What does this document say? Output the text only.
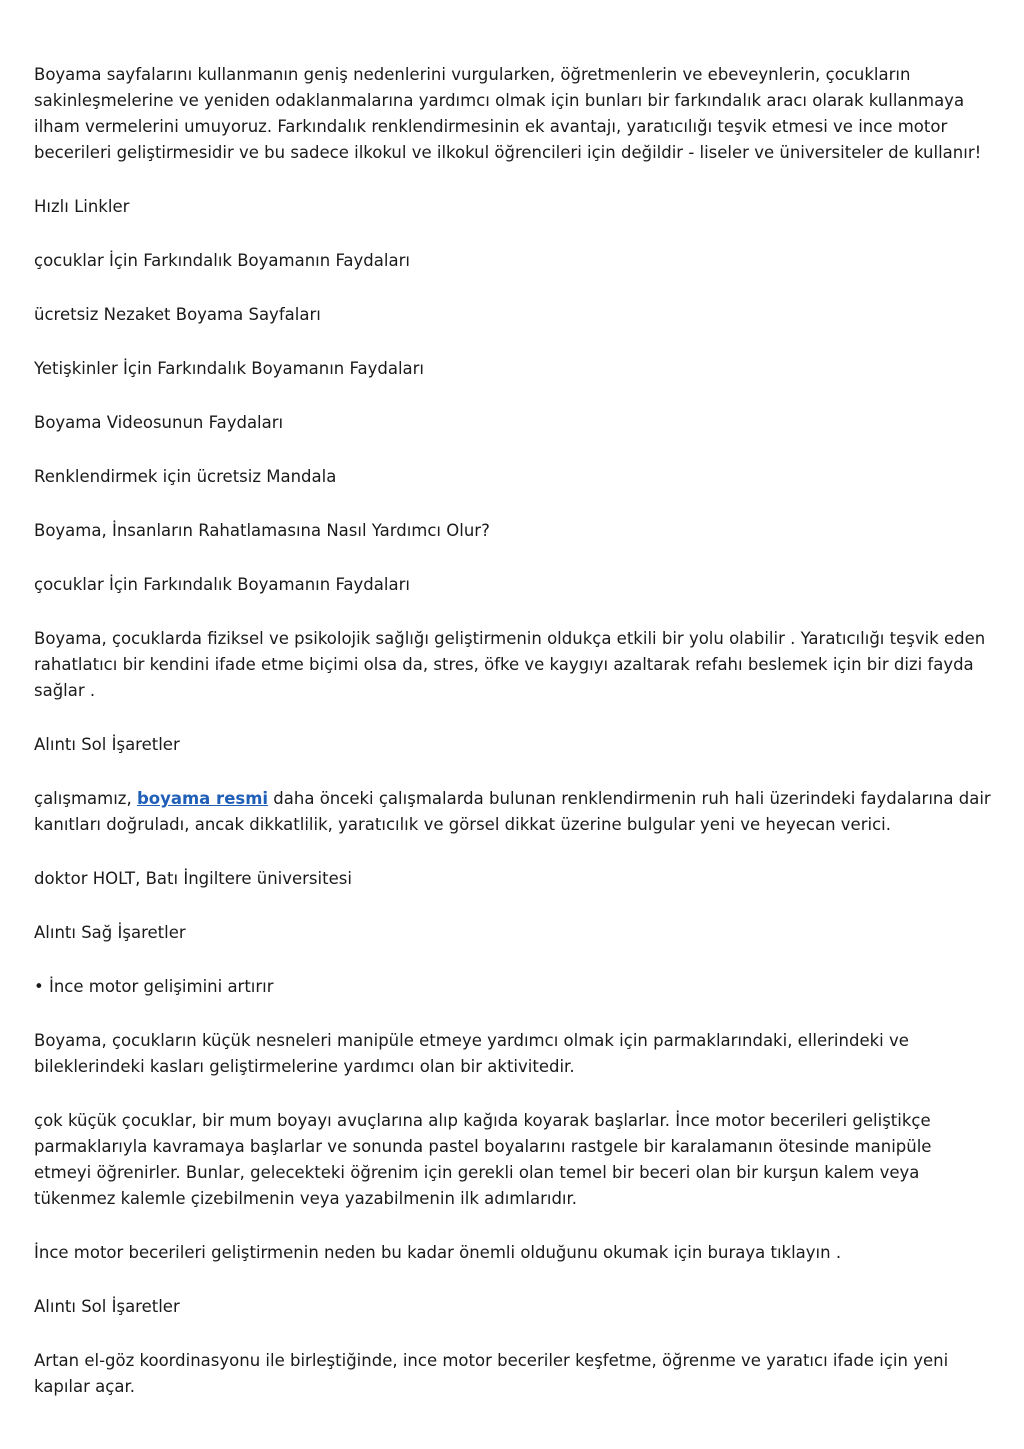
Boyama sayfalarını kullanmanın geniş nedenlerini vurgularken, öğretmenlerin ve ebeveynlerin, çocukların sakinleşmelerine ve yeniden odaklanmalarına yardımcı olmak için bunları bir farkındalık aracı olarak kullanmaya ilham vermelerini umuyoruz. Farkındalık renklendirmesinin ek avantajı, yaratıcılığı teşvik etmesi ve ince motor becerileri geliştirmesidir ve bu sadece ilkokul ve ilkokul öğrencileri için değildir - liseler ve üniversiteler de kullanır!

Hızlı Linkler

çocuklar İçin Farkındalık Boyamanın Faydaları

ücretsiz Nezaket Boyama Sayfaları

Yetişkinler İçin Farkındalık Boyamanın Faydaları

Boyama Videosunun Faydaları

Renklendirmek için ücretsiz Mandala

Boyama, İnsanların Rahatlamasına Nasıl Yardımcı Olur?

çocuklar İçin Farkındalık Boyamanın Faydaları

Boyama, çocuklarda fiziksel ve psikolojik sağlığı geliştirmenin oldukça etkili bir yolu olabilir . Yaratıcılığı teşvik eden rahatlatıcı bir kendini ifade etme biçimi olsa da, stres, öfke ve kaygıyı azaltarak refahı beslemek için bir dizi fayda sağlar .

Alıntı Sol İşaretler

çalışmamız, boyama resmi daha önceki çalışmalarda bulunan renklendirmenin ruh hali üzerindeki faydalarına dair kanıtları doğruladı, ancak dikkatlilik, yaratıcılık ve görsel dikkat üzerine bulgular yeni ve heyecan verici.

doktor HOLT, Batı İngiltere üniversitesi

Alıntı Sağ İşaretler

• İnce motor gelişimini artırır

Boyama, çocukların küçük nesneleri manipüle etmeye yardımcı olmak için parmaklarındaki, ellerindeki ve bileklerindeki kasları geliştirmelerine yardımcı olan bir aktivitedir.

çok küçük çocuklar, bir mum boyayı avuçlarına alıp kağıda koyarak başlarlar. İnce motor becerileri geliştikçe parmaklarıyla kavramaya başlarlar ve sonunda pastel boyalarını rastgele bir karalamanın ötesinde manipüle etmeyi öğrenirler. Bunlar, gelecekteki öğrenim için gerekli olan temel bir beceri olan bir kurşun kalem veya tükenmez kalemle çizebilmenin veya yazabilmenin ilk adımlarıdır.

İnce motor becerileri geliştirmenin neden bu kadar önemli olduğunu okumak için buraya tıklayın .

Alıntı Sol İşaretler

Artan el-göz koordinasyonu ile birleştiğinde, ince motor beceriler keşfetme, öğrenme ve yaratıcı ifade için yeni kapılar açar.
